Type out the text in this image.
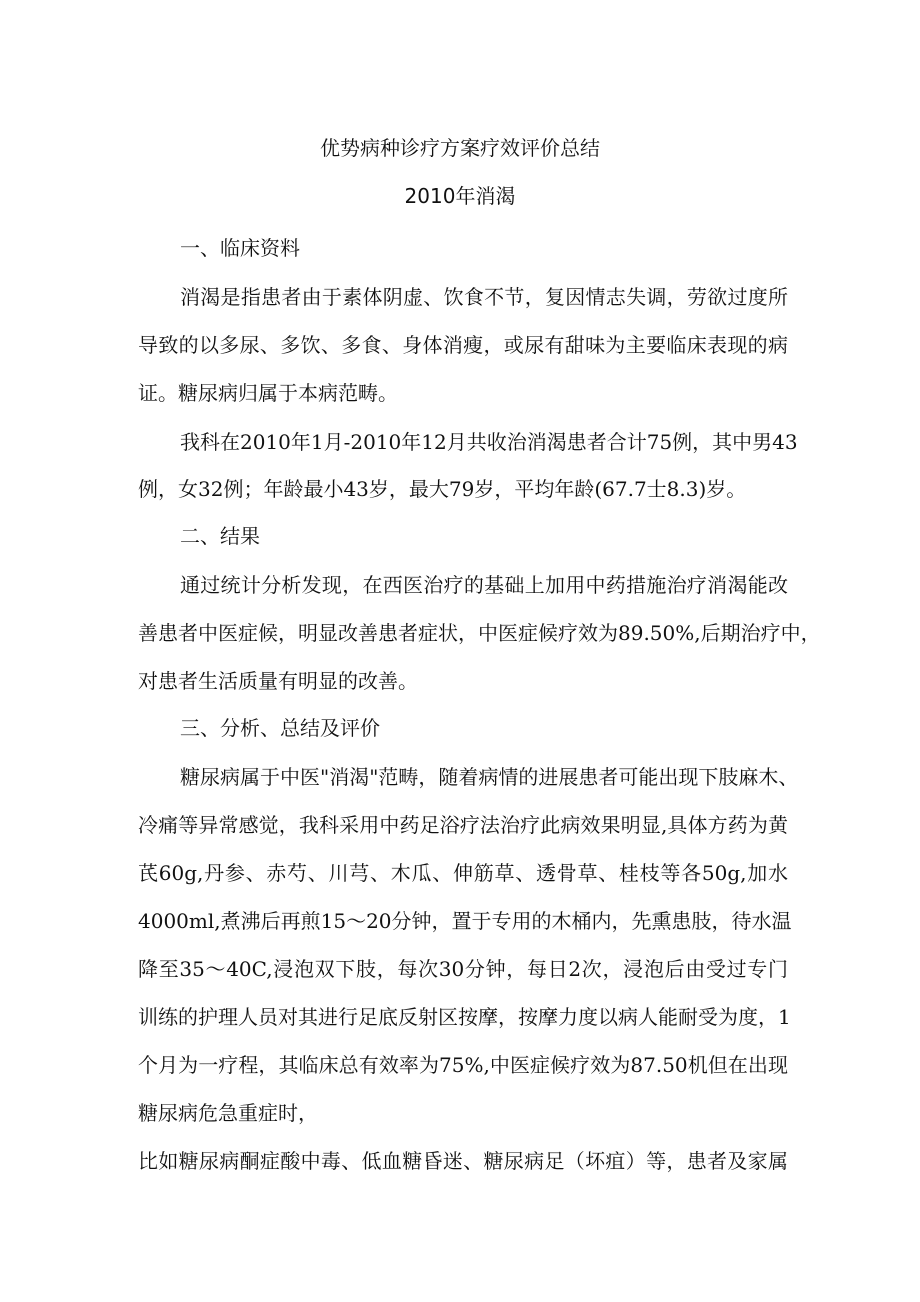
优势病种诊疗方案疗效评价总结
2010年消渴
一、临床资料
消渴是指患者由于素体阴虚、饮食不节，复因情志失调，劳欲过度所
导致的以多尿、多饮、多食、身体消瘦，或尿有甜味为主要临床表现的病
证。糖尿病归属于本病范畴。
我科在2010年1月-2010年12月共收治消渴患者合计75例，其中男43
例，女32例；年龄最小43岁，最大79岁，平均年龄(67.7士8.3)岁。
二、结果
通过统计分析发现，在西医治疗的基础上加用中药措施治疗消渴能改
善患者中医症候，明显改善患者症状，中医症候疗效为89.50%,后期治疗中，
对患者生活质量有明显的改善。
三、分析、总结及评价
糖尿病属于中医"消渴"范畴，随着病情的进展患者可能出现下肢麻木、
冷痛等异常感觉，我科采用中药足浴疗法治疗此病效果明显,具体方药为黄
芪60g,丹参、赤芍、川芎、木瓜、伸筋草、透骨草、桂枝等各50g,加水
4000ml,煮沸后再煎15～20分钟，置于专用的木桶内，先熏患肢，待水温
降至35～40C,浸泡双下肢，每次30分钟，每日2次，浸泡后由受过专门
训练的护理人员对其进行足底反射区按摩，按摩力度以病人能耐受为度，1
个月为一疗程，其临床总有效率为75%,中医症候疗效为87.50机但在出现
糖尿病危急重症时，
比如糖尿病酮症酸中毒、低血糖昏迷、糖尿病足（坏疽）等，患者及家属
